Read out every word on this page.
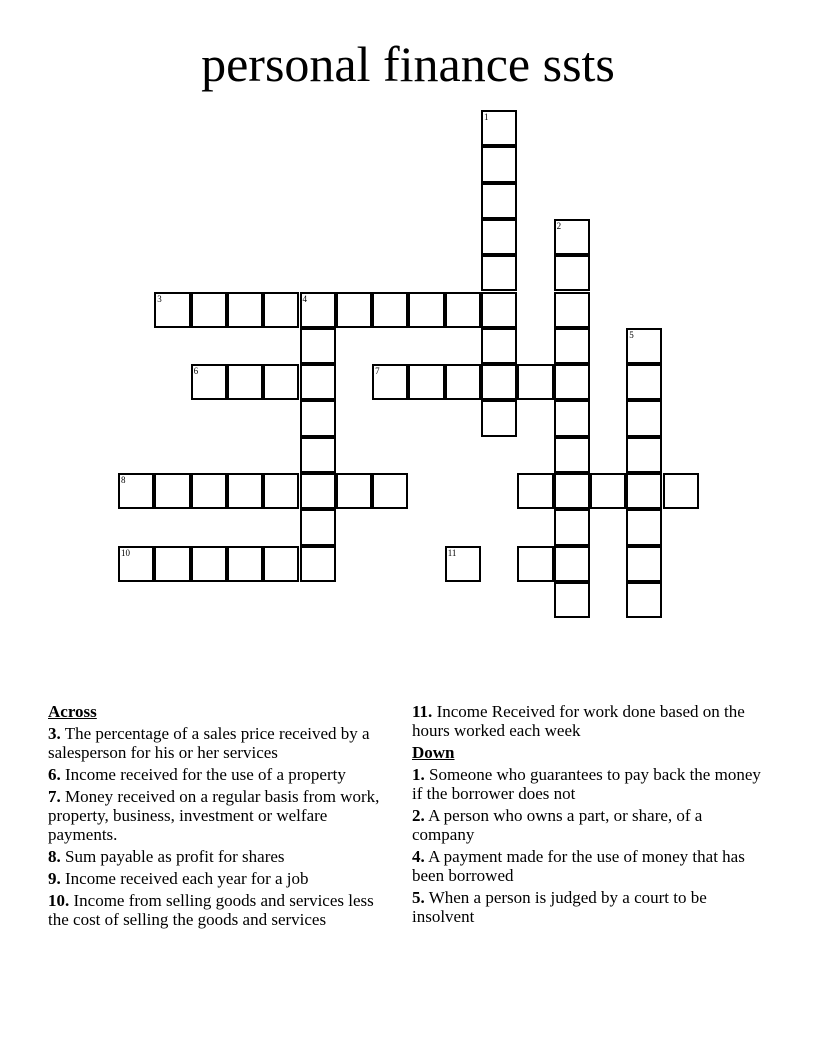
personal finance ssts
1
2
3	4
5
6	7
8
10	11
Across
3. The percentage of a sales price received by a salesperson for his or her services
6. Income received for the use of a property
7. Money received on a regular basis from work, property, business, investment or welfare payments.
8. Sum payable as profit for shares
9. Income received each year for a job
10. Income from selling goods and services less the cost of selling the goods and services
11. Income Received for work done based on the hours worked each week
Down
1. Someone who guarantees to pay back the money if the borrower does not
2. A person who owns a part, or share, of a company
4. A payment made for the use of money that has been borrowed
5. When a person is judged by a court to be insolvent
